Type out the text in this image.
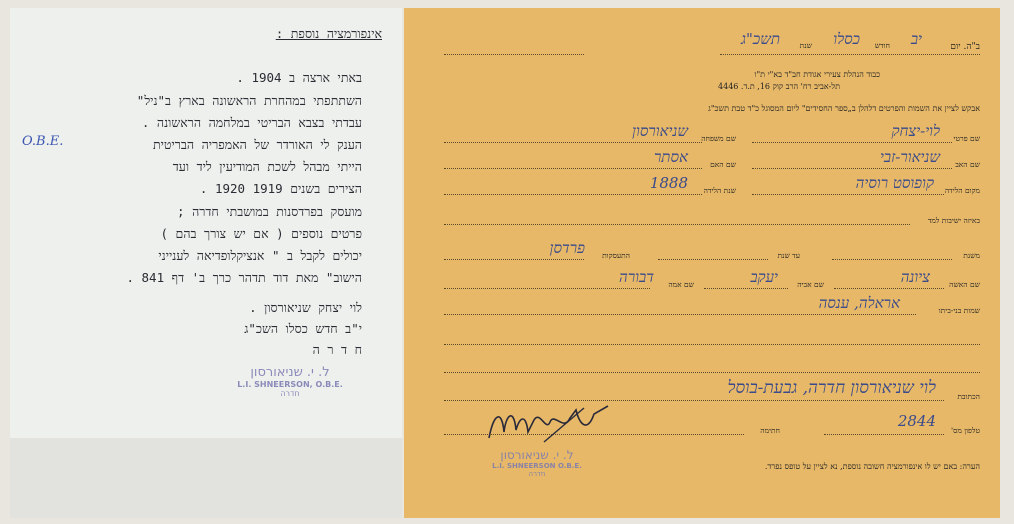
אינפורמציה נוספת :
באתי ארצה ב 1904 .
השתתפתי במהחרת הראשונה בארץ ב"ניל"
עבדתי בצבא הבריטי במלחמה הראשונה .
הענק לי האורדר של האמפריה הבריטית
הייתי מבהל לשכת המודיעין ליד ועד
הצירים בשנים 1919 1920 .
מועסק בפרדסנות במושבתי חדרה ;
פרטים נוספים ( אם יש צורך בהם )
יכולים לקבל ב " אנציקלופדיאה לענייני
הישוב" מאת דוד תדהר כרך ב' דף 841 .
O.B.E.
לוי יצחק שניאורסון .
י"ב חדש כסלו השכ"ג
ח ד ר ה
ל. י. שניאורסון
L.I. SHNEERSON, O.B.E.
חדרה
ב"ה. יום
יב
חודש
כסלו
שנת
תשכ"ג
כבוד הנהלת צעירי אגודת חב"ד בא"י ת"ו
תל-אביב רח' הרב קוק 16, ת.ד. 4446
אבקש לציין את השמות והפרטים דלהלן ב„ספר החסידים" ליום המסוגל כ"ד טבת תשכ"ג
שם פרטי
לוי-יצחק
שם משפחה
שניאורסון
שם האב
שניאור-זבי
שם האם
אסתר
מקום הלידה
קופוסט רוסיה
שנת הלידה
1888
באיזה ישיבות למד
משנת
עד שנת
התעסקות
פרדסן
שם האשה
ציונה
שם אביה
יעקב
שם אמה
דבורה
שמות בני-ביתו
אראלה, ענסה
הכתובת
לוי שניאורסון חדרה, גבעת-בוסל
טלפון מס'
2844
חתימה
ל. י. שניאורסון
L.I. SHNEERSON O.B.E.
חדרה
הערה: באם יש לו אינפורמציה חשובה נוספת, נא לציין על טופס נפרד.
